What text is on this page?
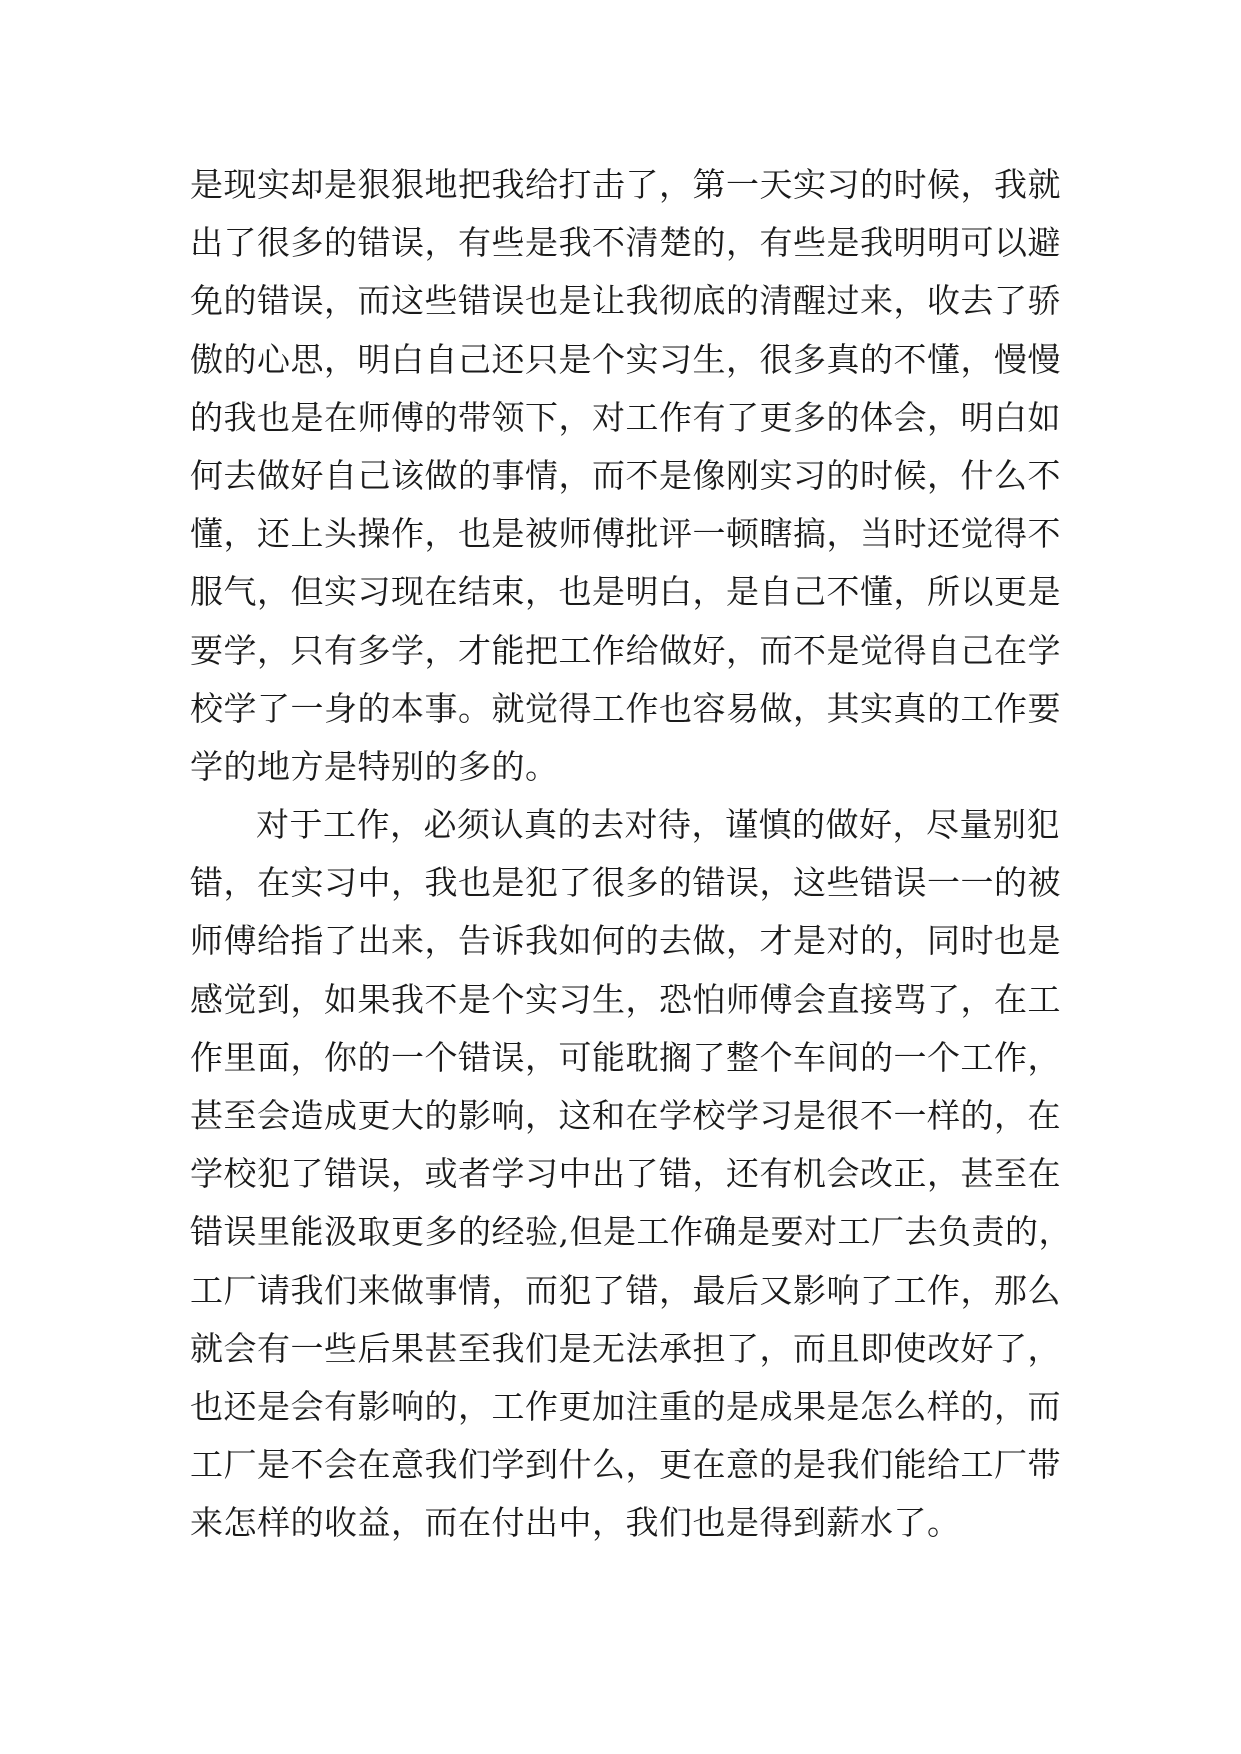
是现实却是狠狠地把我给打击了，第一天实习的时候，我就
出了很多的错误，有些是我不清楚的，有些是我明明可以避
免的错误，而这些错误也是让我彻底的清醒过来，收去了骄
傲的心思，明白自己还只是个实习生，很多真的不懂，慢慢
的我也是在师傅的带领下，对工作有了更多的体会，明白如
何去做好自己该做的事情，而不是像刚实习的时候，什么不
懂，还上头操作，也是被师傅批评一顿瞎搞，当时还觉得不
服气，但实习现在结束，也是明白，是自己不懂，所以更是
要学，只有多学，才能把工作给做好，而不是觉得自己在学
校学了一身的本事。就觉得工作也容易做，其实真的工作要
学的地方是特别的多的。
对于工作，必须认真的去对待，谨慎的做好，尽量别犯
错，在实习中，我也是犯了很多的错误，这些错误一一的被
师傅给指了出来，告诉我如何的去做，才是对的，同时也是
感觉到，如果我不是个实习生，恐怕师傅会直接骂了，在工
作里面，你的一个错误，可能耽搁了整个车间的一个工作，
甚至会造成更大的影响，这和在学校学习是很不一样的，在
学校犯了错误，或者学习中出了错，还有机会改正，甚至在
错误里能汲取更多的经验,但是工作确是要对工厂去负责的，
工厂请我们来做事情，而犯了错，最后又影响了工作，那么
就会有一些后果甚至我们是无法承担了，而且即使改好了，
也还是会有影响的，工作更加注重的是成果是怎么样的，而
工厂是不会在意我们学到什么，更在意的是我们能给工厂带
来怎样的收益，而在付出中，我们也是得到薪水了。
